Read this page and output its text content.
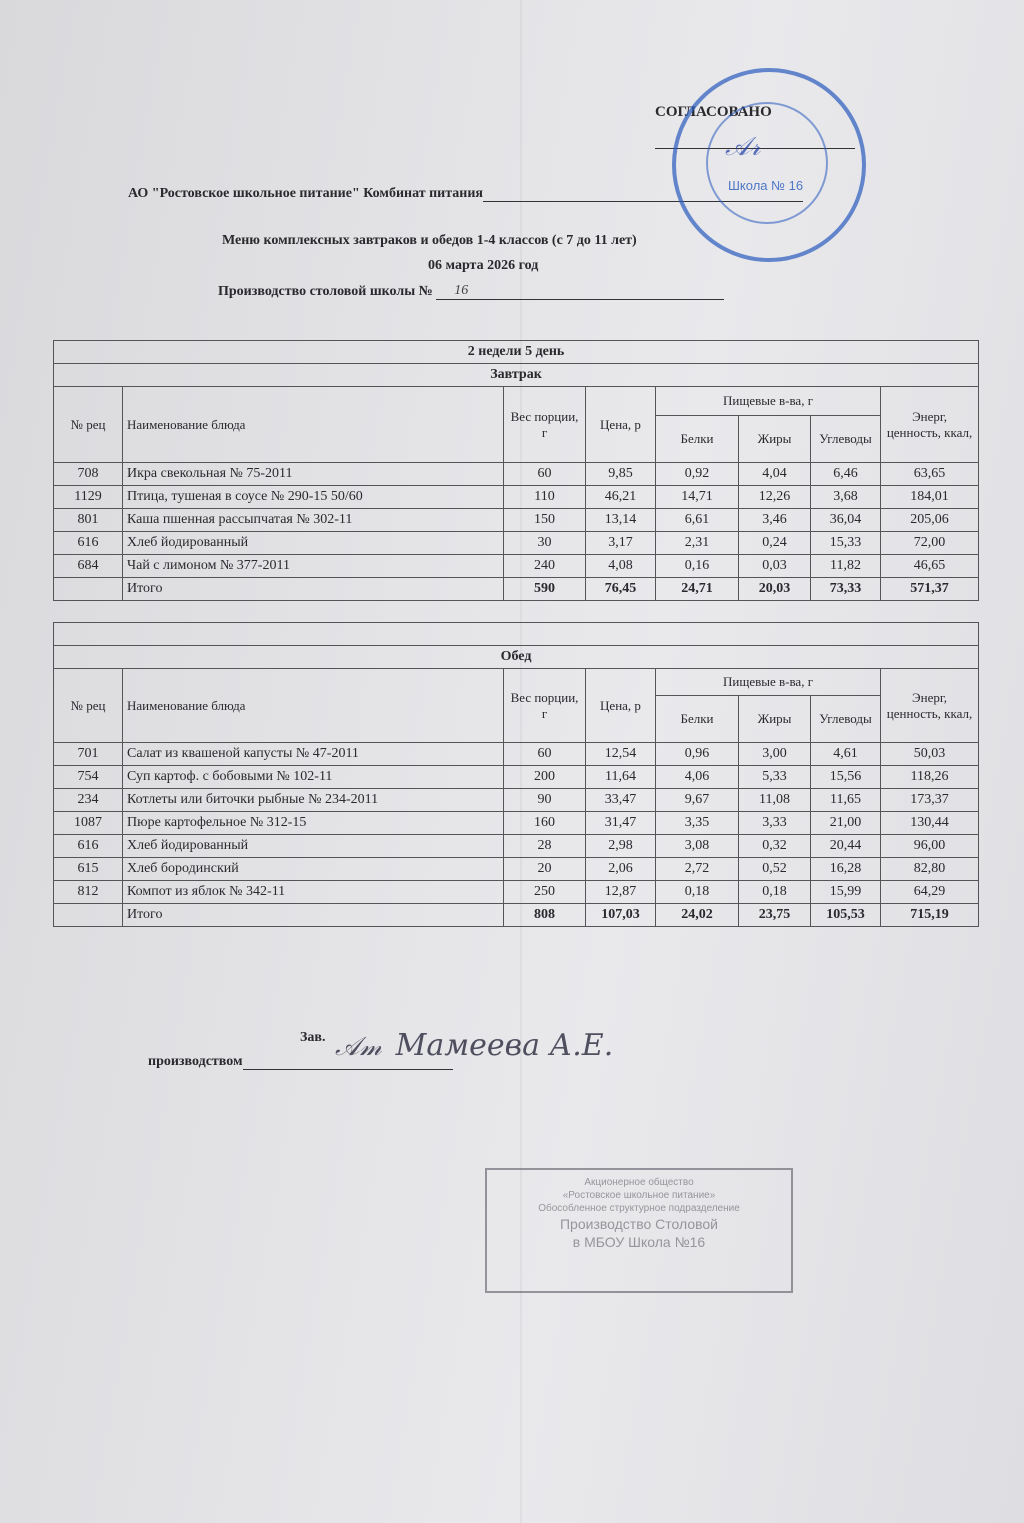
СОГЛАСОВАНО
АО "Ростовское школьное питание" Комбинат питания
Меню комплексных завтраков и обедов 1-4 классов (с 7 до 11 лет)
06 марта 2026 год
Производство столовой школы № 16
Школа № 16
𝒜𝓇
2 недели 5 день							
Завтрак							
№ рец	Наименование блюда	Вес порции, г	Цена, р	Пищевые в-ва, г			Энерг, ценность, ккал,
				Белки	Жиры	Углеводы	
708	Икра свекольная № 75-2011	60	9,85	0,92	4,04	6,46	63,65
1129	Птица, тушеная в соусе № 290-15 50/60	110	46,21	14,71	12,26	3,68	184,01
801	Каша пшенная рассыпчатая № 302-11	150	13,14	6,61	3,46	36,04	205,06
616	Хлеб йодированный	30	3,17	2,31	0,24	15,33	72,00
684	Чай с лимоном № 377-2011	240	4,08	0,16	0,03	11,82	46,65
	Итого	590	76,45	24,71	20,03	73,33	571,37

Обед							
№ рец	Наименование блюда	Вес порции, г	Цена, р	Пищевые в-ва, г			Энерг, ценность, ккал,
				Белки	Жиры	Углеводы	
701	Салат из квашеной капусты № 47-2011	60	12,54	0,96	3,00	4,61	50,03
754	Суп картоф. с бобовыми № 102-11	200	11,64	4,06	5,33	15,56	118,26
234	Котлеты или биточки рыбные № 234-2011	90	33,47	9,67	11,08	11,65	173,37
1087	Пюре картофельное № 312-15	160	31,47	3,35	3,33	21,00	130,44
616	Хлеб йодированный	28	2,98	3,08	0,32	20,44	96,00
615	Хлеб бородинский	20	2,06	2,72	0,52	16,28	82,80
812	Компот из яблок № 342-11	250	12,87	0,18	0,18	15,99	64,29
	Итого	808	107,03	24,02	23,75	105,53	715,19
Зав.
производством	𝒜𝓂 Мамеева А.Е.
Акционерное общество
«Ростовское школьное питание»
Обособленное структурное подразделение
Производство Столовой
в МБОУ Школа №16
